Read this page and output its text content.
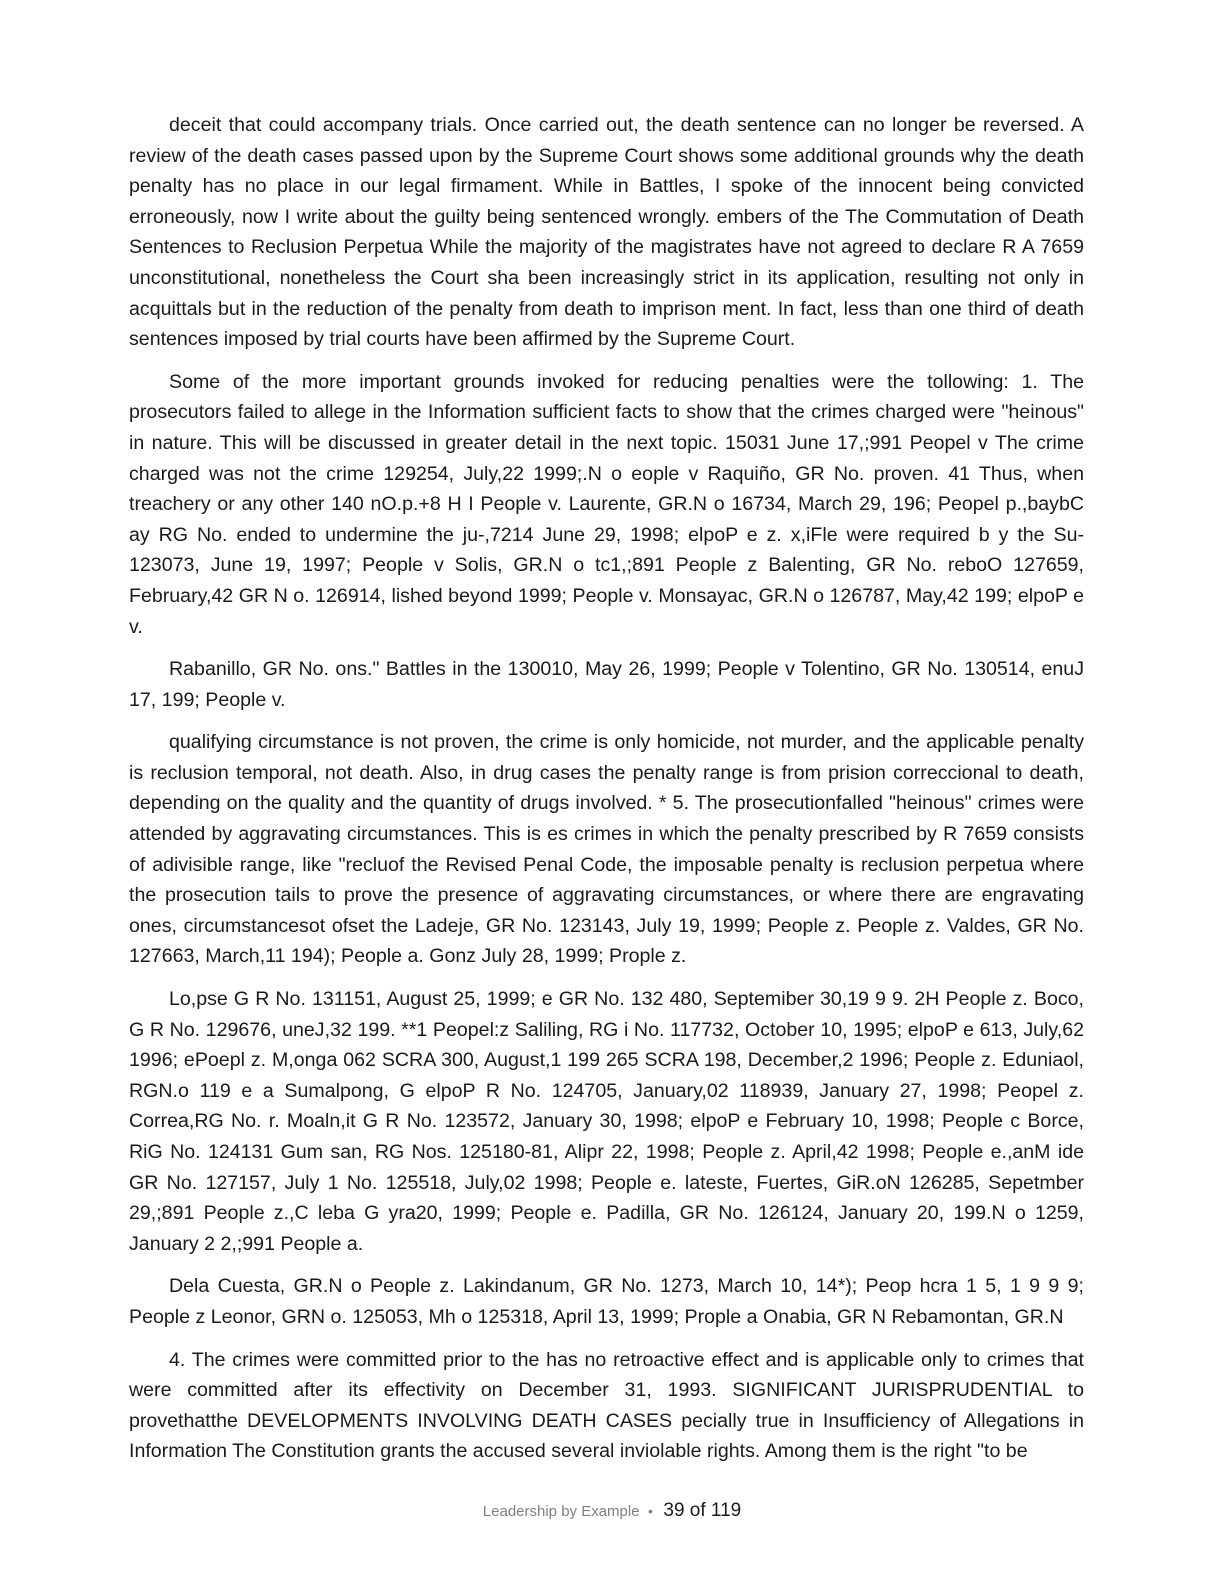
deceit that could accompany trials. Once carried out, the death sentence can no longer be reversed. A review of the death cases passed upon by the Supreme Court shows some additional grounds why the death penalty has no place in our legal firmament. While in Battles, I spoke of the innocent being convicted erroneously, now I write about the guilty being sentenced wrongly. embers of the The Commutation of Death Sentences to Reclusion Perpetua While the majority of the magistrates have not agreed to declare R A 7659 unconstitutional, nonetheless the Court sha been increasingly strict in its application, resulting not only in acquittals but in the reduction of the penalty from death to imprison ment. In fact, less than one third of death sentences imposed by trial courts have been affirmed by the Supreme Court.

Some of the more important grounds invoked for reducing penalties were the tollowing: 1. The prosecutors failed to allege in the Information sufficient facts to show that the crimes charged were "heinous" in nature. This will be discussed in greater detail in the next topic. 15031 June 17,;991 Peopel v The crime charged was not the crime 129254, July,22 1999;.N o eople v Raquiño, GR No. proven. 41 Thus, when treachery or any other 140 nO.p.+8 H I People v. Laurente, GR.N o 16734, March 29, 196; Peopel p.,baybC ay RG No. ended to undermine the ju-,7214 June 29, 1998; elpoP e z. x,iFle were required b y the Su- 123073, June 19, 1997; People v Solis, GR.N o tc1,;891 People z Balenting, GR No. reboO 127659, February,42 GR N o. 126914, lished beyond 1999; People v. Monsayac, GR.N o 126787, May,42 199; elpoP e v.

Rabanillo, GR No. ons." Battles in the 130010, May 26, 1999; People v Tolentino, GR No. 130514, enuJ 17, 199; People v.

qualifying circumstance is not proven, the crime is only homicide, not murder, and the applicable penalty is reclusion temporal, not death. Also, in drug cases the penalty range is from prision correccional to death, depending on the quality and the quantity of drugs involved. * 5. The prosecutionfalled "heinous" crimes were attended by aggravating circumstances. This is es crimes in which the penalty prescribed by R 7659 consists of adivisible range, like "recluof the Revised Penal Code, the imposable penalty is reclusion perpetua where the prosecution tails to prove the presence of aggravating circumstances, or where there are engravating ones, circumstancesot ofset the Ladeje, GR No. 123143, July 19, 1999; People z. People z. Valdes, GR No. 127663, March,11 194); People a. Gonz July 28, 1999; Prople z.

Lo,pse G R No. 131151, August 25, 1999; e GR No. 132 480, Septemiber 30,19 9 9. 2H People z. Boco, G R No. 129676, uneJ,32 199. **1 Peopel:z Saliling, RG i No. 117732, October 10, 1995; elpoP e 613, July,62 1996; ePoepl z. M,onga 062 SCRA 300, August,1 199 265 SCRA 198, December,2 1996; People z. Eduniaol, RGN.o 119 e a Sumalpong, G elpoP R No. 124705, January,02 118939, January 27, 1998; Peopel z. Correa,RG No. r. Moaln,it G R No. 123572, January 30, 1998; elpoP e February 10, 1998; People c Borce, RiG No. 124131 Gum san, RG Nos. 125180-81, Alipr 22, 1998; People z. April,42 1998; People e.,anM ide GR No. 127157, July 1 No. 125518, July,02 1998; People e. lateste, Fuertes, GiR.oN 126285, Sepetmber 29,;891 People z.,C leba G yra20, 1999; People e. Padilla, GR No. 126124, January 20, 199.N o 1259, January 2 2,;991 People a.

Dela Cuesta, GR.N o People z. Lakindanum, GR No. 1273, March 10, 14*); Peop hcra 1 5, 1 9 9 9; People z Leonor, GRN o. 125053, Mh o 125318, April 13, 1999; Prople a Onabia, GR N Rebamontan, GR.N

4. The crimes were committed prior to the has no retroactive effect and is applicable only to crimes that were committed after its effectivity on December 31, 1993. SIGNIFICANT JURISPRUDENTIAL to provethatthe DEVELOPMENTS INVOLVING DEATH CASES pecially true in Insufficiency of Allegations in Information The Constitution grants the accused several inviolable rights. Among them is the right "to be

Leadership by Example • 39 of 119
